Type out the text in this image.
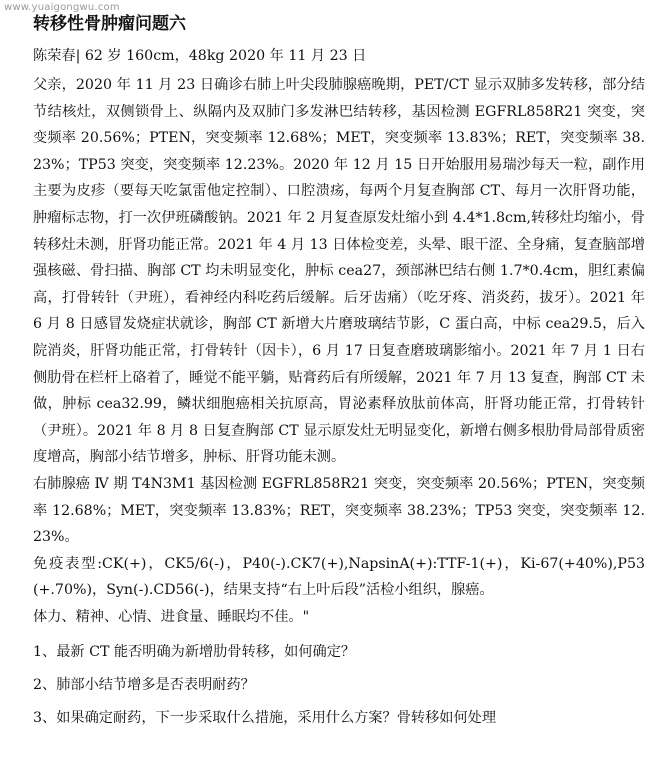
www.yuaigongwu.com
转移性骨肿瘤问题六
陈荣春| 62 岁 160cm，48kg 2020 年 11 月 23 日

父亲，2020 年 11 月 23 日确诊右肺上叶尖段肺腺癌晚期，PET/CT 显示双肺多发转移，部分结节结核灶，双侧锁骨上、纵隔内及双肺门多发淋巴结转移，基因检测 EGFRL858R21 突变，突变频率 20.56%；PTEN，突变频率 12.68%；MET，突变频率 13.83%；RET，突变频率 38.23%；TP53 突变，突变频率 12.23%。2020 年 12 月 15 日开始服用易瑞沙每天一粒，副作用主要为皮疹（要每天吃氯雷他定控制）、口腔溃疡，每两个月复查胸部 CT、每月一次肝肾功能，肿瘤标志物，打一次伊班磷酸钠。2021 年 2 月复查原发灶缩小到 4.4*1.8cm,转移灶均缩小，骨转移灶未测，肝肾功能正常。2021 年 4 月 13 日体检变差，头晕、眼干涩、全身痛，复查脑部增强核磁、骨扫描、胸部 CT 均未明显变化，肿标 cea27，颈部淋巴结右侧 1.7*0.4cm，胆红素偏高，打骨转针（尹班），看神经内科吃药后缓解。后牙齿痛）（吃牙疼、消炎药，拔牙）。2021 年 6 月 8 日感冒发烧症状就诊，胸部 CT 新增大片磨玻璃结节影，C 蛋白高，中标 cea29.5，后入院消炎，肝肾功能正常，打骨转针（因卡），6 月 17 日复查磨玻璃影缩小。2021 年 7 月 1 日右侧肋骨在栏杆上硌着了，睡觉不能平躺，贴膏药后有所缓解，2021 年 7 月 13 复查，胸部 CT 未做，肿标 cea32.99，鳞状细胞癌相关抗原高，胃泌素释放肽前体高，肝肾功能正常，打骨转针（尹班）。2021 年 8 月 8 日复查胸部 CT 显示原发灶无明显变化，新增右侧多根肋骨局部骨质密度增高，胸部小结节增多，肿标、肝肾功能未测。

右肺腺癌 Ⅳ 期 T4N3M1 基因检测 EGFRL858R21 突变，突变频率 20.56%；PTEN，突变频率 12.68%；MET，突变频率 13.83%；RET，突变频率 38.23%；TP53 突变，突变频率 12.23%。

免疫表型:CK(+)，CK5/6(-)，P40(-).CK7(+),NapsinA(+):TTF-1(+)，Ki-67(+40%),P53(+.70%)，Syn(-).CD56(-)，结果支持“右上叶后段”活检小组织，腺癌。

体力、精神、心情、进食量、睡眠均不佳。"

1、最新 CT 能否明确为新增肋骨转移，如何确定？
2、肺部小结节增多是否表明耐药？
3、如果确定耐药，下一步采取什么措施，采用什么方案？骨转移如何处理
